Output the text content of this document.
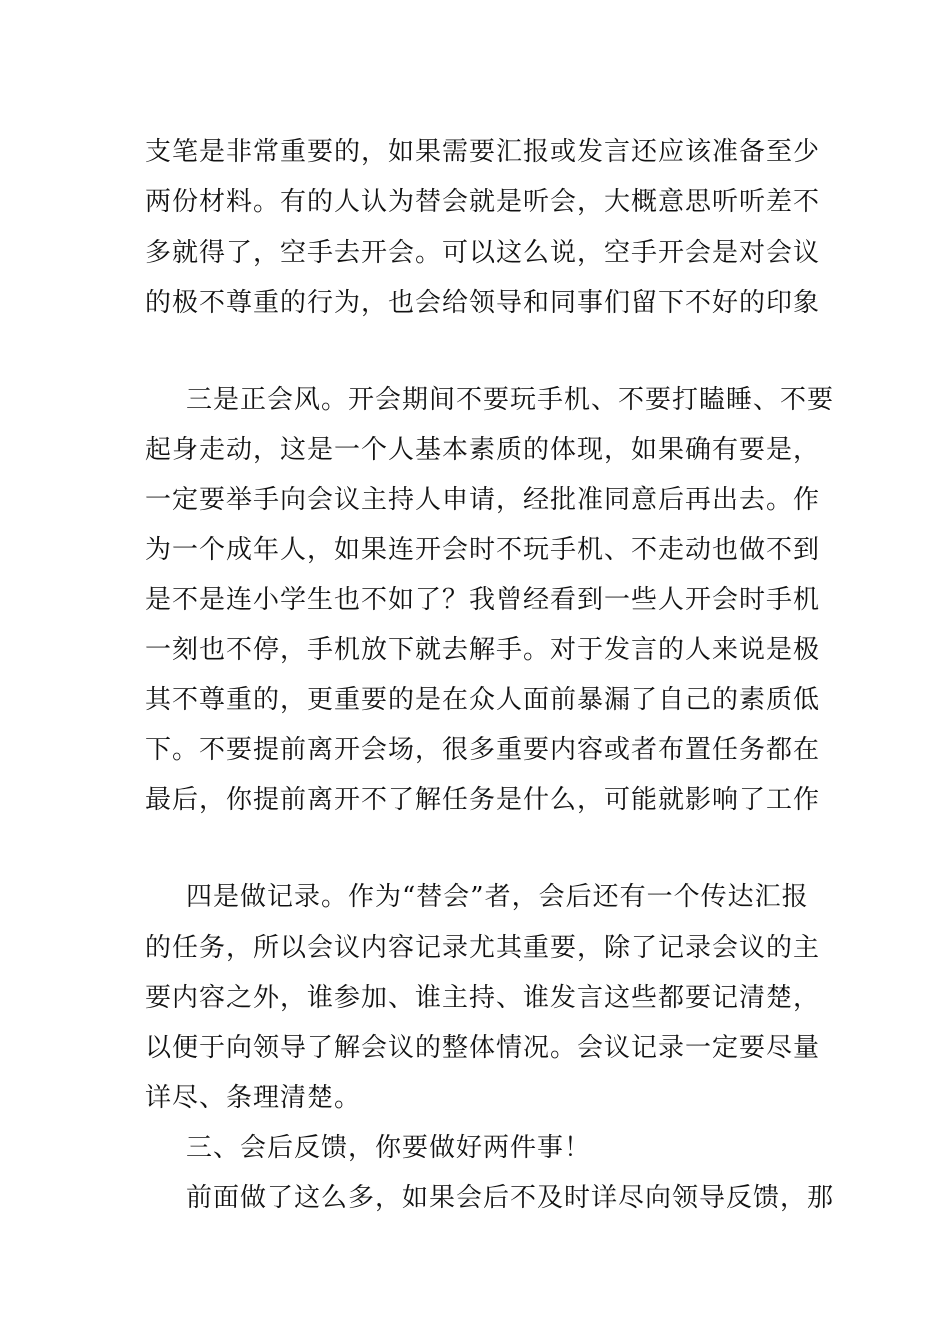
支笔是非常重要的，如果需要汇报或发言还应该准备至少
两份材料。有的人认为替会就是听会，大概意思听听差不
多就得了，空手去开会。可以这么说，空手开会是对会议
的极不尊重的行为，也会给领导和同事们留下不好的印象
三是正会风。开会期间不要玩手机、不要打瞌睡、不要
起身走动，这是一个人基本素质的体现，如果确有要是，
一定要举手向会议主持人申请，经批准同意后再出去。作
为一个成年人，如果连开会时不玩手机、不走动也做不到
是不是连小学生也不如了？我曾经看到一些人开会时手机
一刻也不停，手机放下就去解手。对于发言的人来说是极
其不尊重的，更重要的是在众人面前暴漏了自己的素质低
下。不要提前离开会场，很多重要内容或者布置任务都在
最后，你提前离开不了解任务是什么，可能就影响了工作
四是做记录。作为“替会”者，会后还有一个传达汇报
的任务，所以会议内容记录尤其重要，除了记录会议的主
要内容之外，谁参加、谁主持、谁发言这些都要记清楚，
以便于向领导了解会议的整体情况。会议记录一定要尽量
详尽、条理清楚。
三、会后反馈，你要做好两件事！
前面做了这么多，如果会后不及时详尽向领导反馈，那
